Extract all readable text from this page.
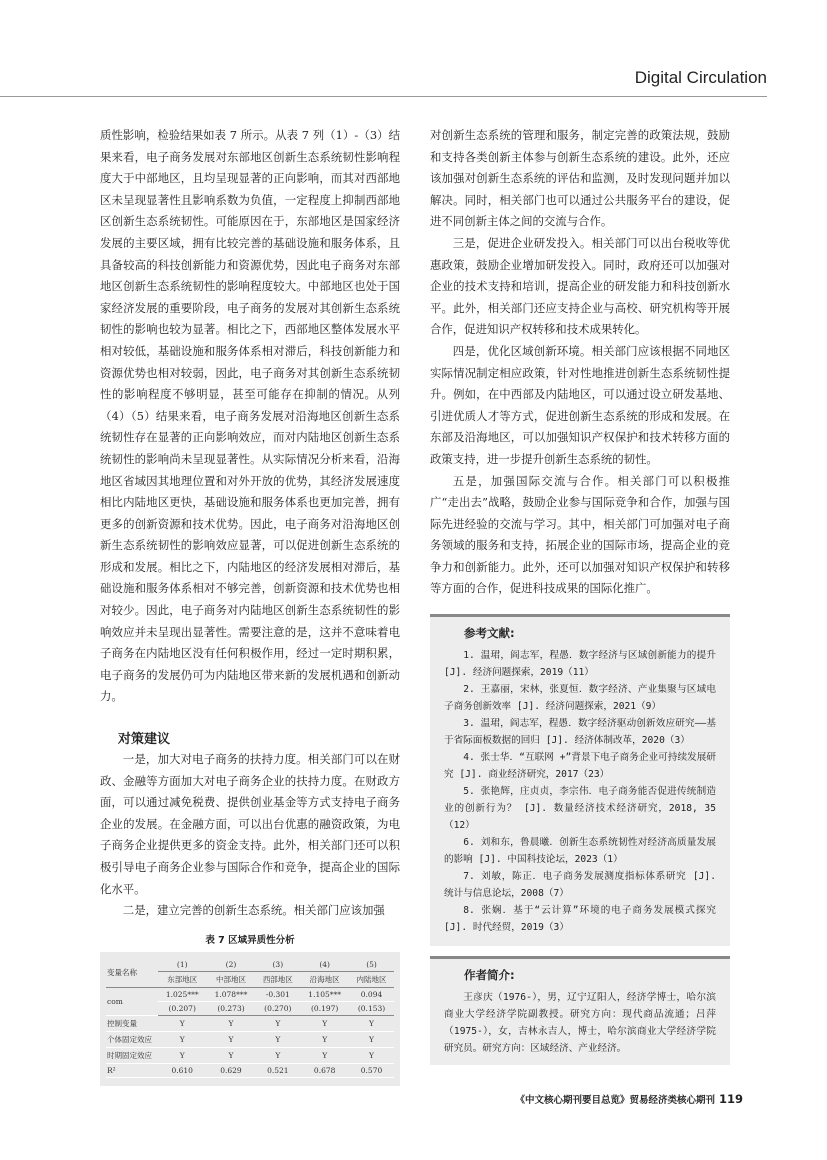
Digital Circulation

质性影响，检验结果如表 7 所示。从表 7 列（1）-（3）结果来看，电子商务发展对东部地区创新生态系统韧性影响程度大于中部地区，且均呈现显著的正向影响，而其对西部地区未呈现显著性且影响系数为负值，一定程度上抑制西部地区创新生态系统韧性。可能原因在于，东部地区是国家经济发展的主要区域，拥有比较完善的基础设施和服务体系，且具备较高的科技创新能力和资源优势，因此电子商务对东部地区创新生态系统韧性的影响程度较大。中部地区也处于国家经济发展的重要阶段，电子商务的发展对其创新生态系统韧性的影响也较为显著。相比之下，西部地区整体发展水平相对较低，基础设施和服务体系相对滞后，科技创新能力和资源优势也相对较弱，因此，电子商务对其创新生态系统韧性的影响程度不够明显，甚至可能存在抑制的情况。从列（4）（5）结果来看，电子商务发展对沿海地区创新生态系统韧性存在显著的正向影响效应，而对内陆地区创新生态系统韧性的影响尚未呈现显著性。从实际情况分析来看，沿海地区省域因其地理位置和对外开放的优势，其经济发展速度相比内陆地区更快，基础设施和服务体系也更加完善，拥有更多的创新资源和技术优势。因此，电子商务对沿海地区创新生态系统韧性的影响效应显著，可以促进创新生态系统的形成和发展。相比之下，内陆地区的经济发展相对滞后，基础设施和服务体系相对不够完善，创新资源和技术优势也相对较少。因此，电子商务对内陆地区创新生态系统韧性的影响效应并未呈现出显著性。需要注意的是，这并不意味着电子商务在内陆地区没有任何积极作用，经过一定时期积累，电子商务的发展仍可为内陆地区带来新的发展机遇和创新动力。

对策建议

一是，加大对电子商务的扶持力度。相关部门可以在财政、金融等方面加大对电子商务企业的扶持力度。在财政方面，可以通过减免税费、提供创业基金等方式支持电子商务企业的发展。在金融方面，可以出台优惠的融资政策，为电子商务企业提供更多的资金支持。此外，相关部门还可以积极引导电子商务企业参与国际合作和竞争，提高企业的国际化水平。

二是，建立完善的创新生态系统。相关部门应该加强

表 7 区域异质性分析
变量名称	(1)	(2)	(3)	(4)	(5)
	东部地区	中部地区	西部地区	沿海地区	内陆地区
com	1.025***	1.078***	-0.301	1.105***	0.094
	(0.207)	(0.273)	(0.270)	(0.197)	(0.153)
控制变量	Y	Y	Y	Y	Y
个体固定效应	Y	Y	Y	Y	Y
时期固定效应	Y	Y	Y	Y	Y
R²	0.610	0.629	0.521	0.678	0.570

对创新生态系统的管理和服务，制定完善的政策法规，鼓励和支持各类创新主体参与创新生态系统的建设。此外，还应该加强对创新生态系统的评估和监测，及时发现问题并加以解决。同时，相关部门也可以通过公共服务平台的建设，促进不同创新主体之间的交流与合作。

三是，促进企业研发投入。相关部门可以出台税收等优惠政策，鼓励企业增加研发投入。同时，政府还可以加强对企业的技术支持和培训，提高企业的研发能力和科技创新水平。此外，相关部门还应支持企业与高校、研究机构等开展合作，促进知识产权转移和技术成果转化。

四是，优化区域创新环境。相关部门应该根据不同地区实际情况制定相应政策，针对性地推进创新生态系统韧性提升。例如，在中西部及内陆地区，可以通过设立研发基地、引进优质人才等方式，促进创新生态系统的形成和发展。在东部及沿海地区，可以加强知识产权保护和技术转移方面的政策支持，进一步提升创新生态系统的韧性。

五是，加强国际交流与合作。相关部门可以积极推广“走出去”战略，鼓励企业参与国际竞争和合作，加强与国际先进经验的交流与学习。其中，相关部门可加强对电子商务领域的服务和支持，拓展企业的国际市场，提高企业的竞争力和创新能力。此外，还可以加强对知识产权保护和转移等方面的合作，促进科技成果的国际化推广。

参考文献:

1. 温珺，阎志军，程愚．数字经济与区域创新能力的提升 [J]. 经济问题探索，2019（11）

2. 王嘉丽，宋林，张夏恒．数字经济、产业集聚与区域电子商务创新效率 [J]. 经济问题探索，2021（9）

3. 温珺，阎志军，程愚．数字经济驱动创新效应研究——基于省际面板数据的回归 [J]. 经济体制改革，2020（3）

4. 张士华．“互联网 +”背景下电子商务企业可持续发展研究 [J]. 商业经济研究，2017（23）

5. 张艳辉，庄贞贞，李宗伟．电子商务能否促进传统制造业的创新行为？ [J]. 数量经济技术经济研究，2018, 35（12）

6. 刘和东，鲁晨曦．创新生态系统韧性对经济高质量发展的影响 [J]. 中国科技论坛，2023（1）

7. 刘敏，陈正．电子商务发展测度指标体系研究 [J]. 统计与信息论坛，2008（7）

8. 张娴．基于“云计算”环境的电子商务发展模式探究 [J]. 时代经贸，2019（3）

作者简介:

王彦庆（1976-），男，辽宁辽阳人，经济学博士，哈尔滨商业大学经济学院副教授。研究方向：现代商品流通；吕萍（1975-），女，吉林永吉人，博士，哈尔滨商业大学经济学院研究员。研究方向：区域经济、产业经济。

《中文核心期刊要目总览》贸易经济类核心期刊 119
